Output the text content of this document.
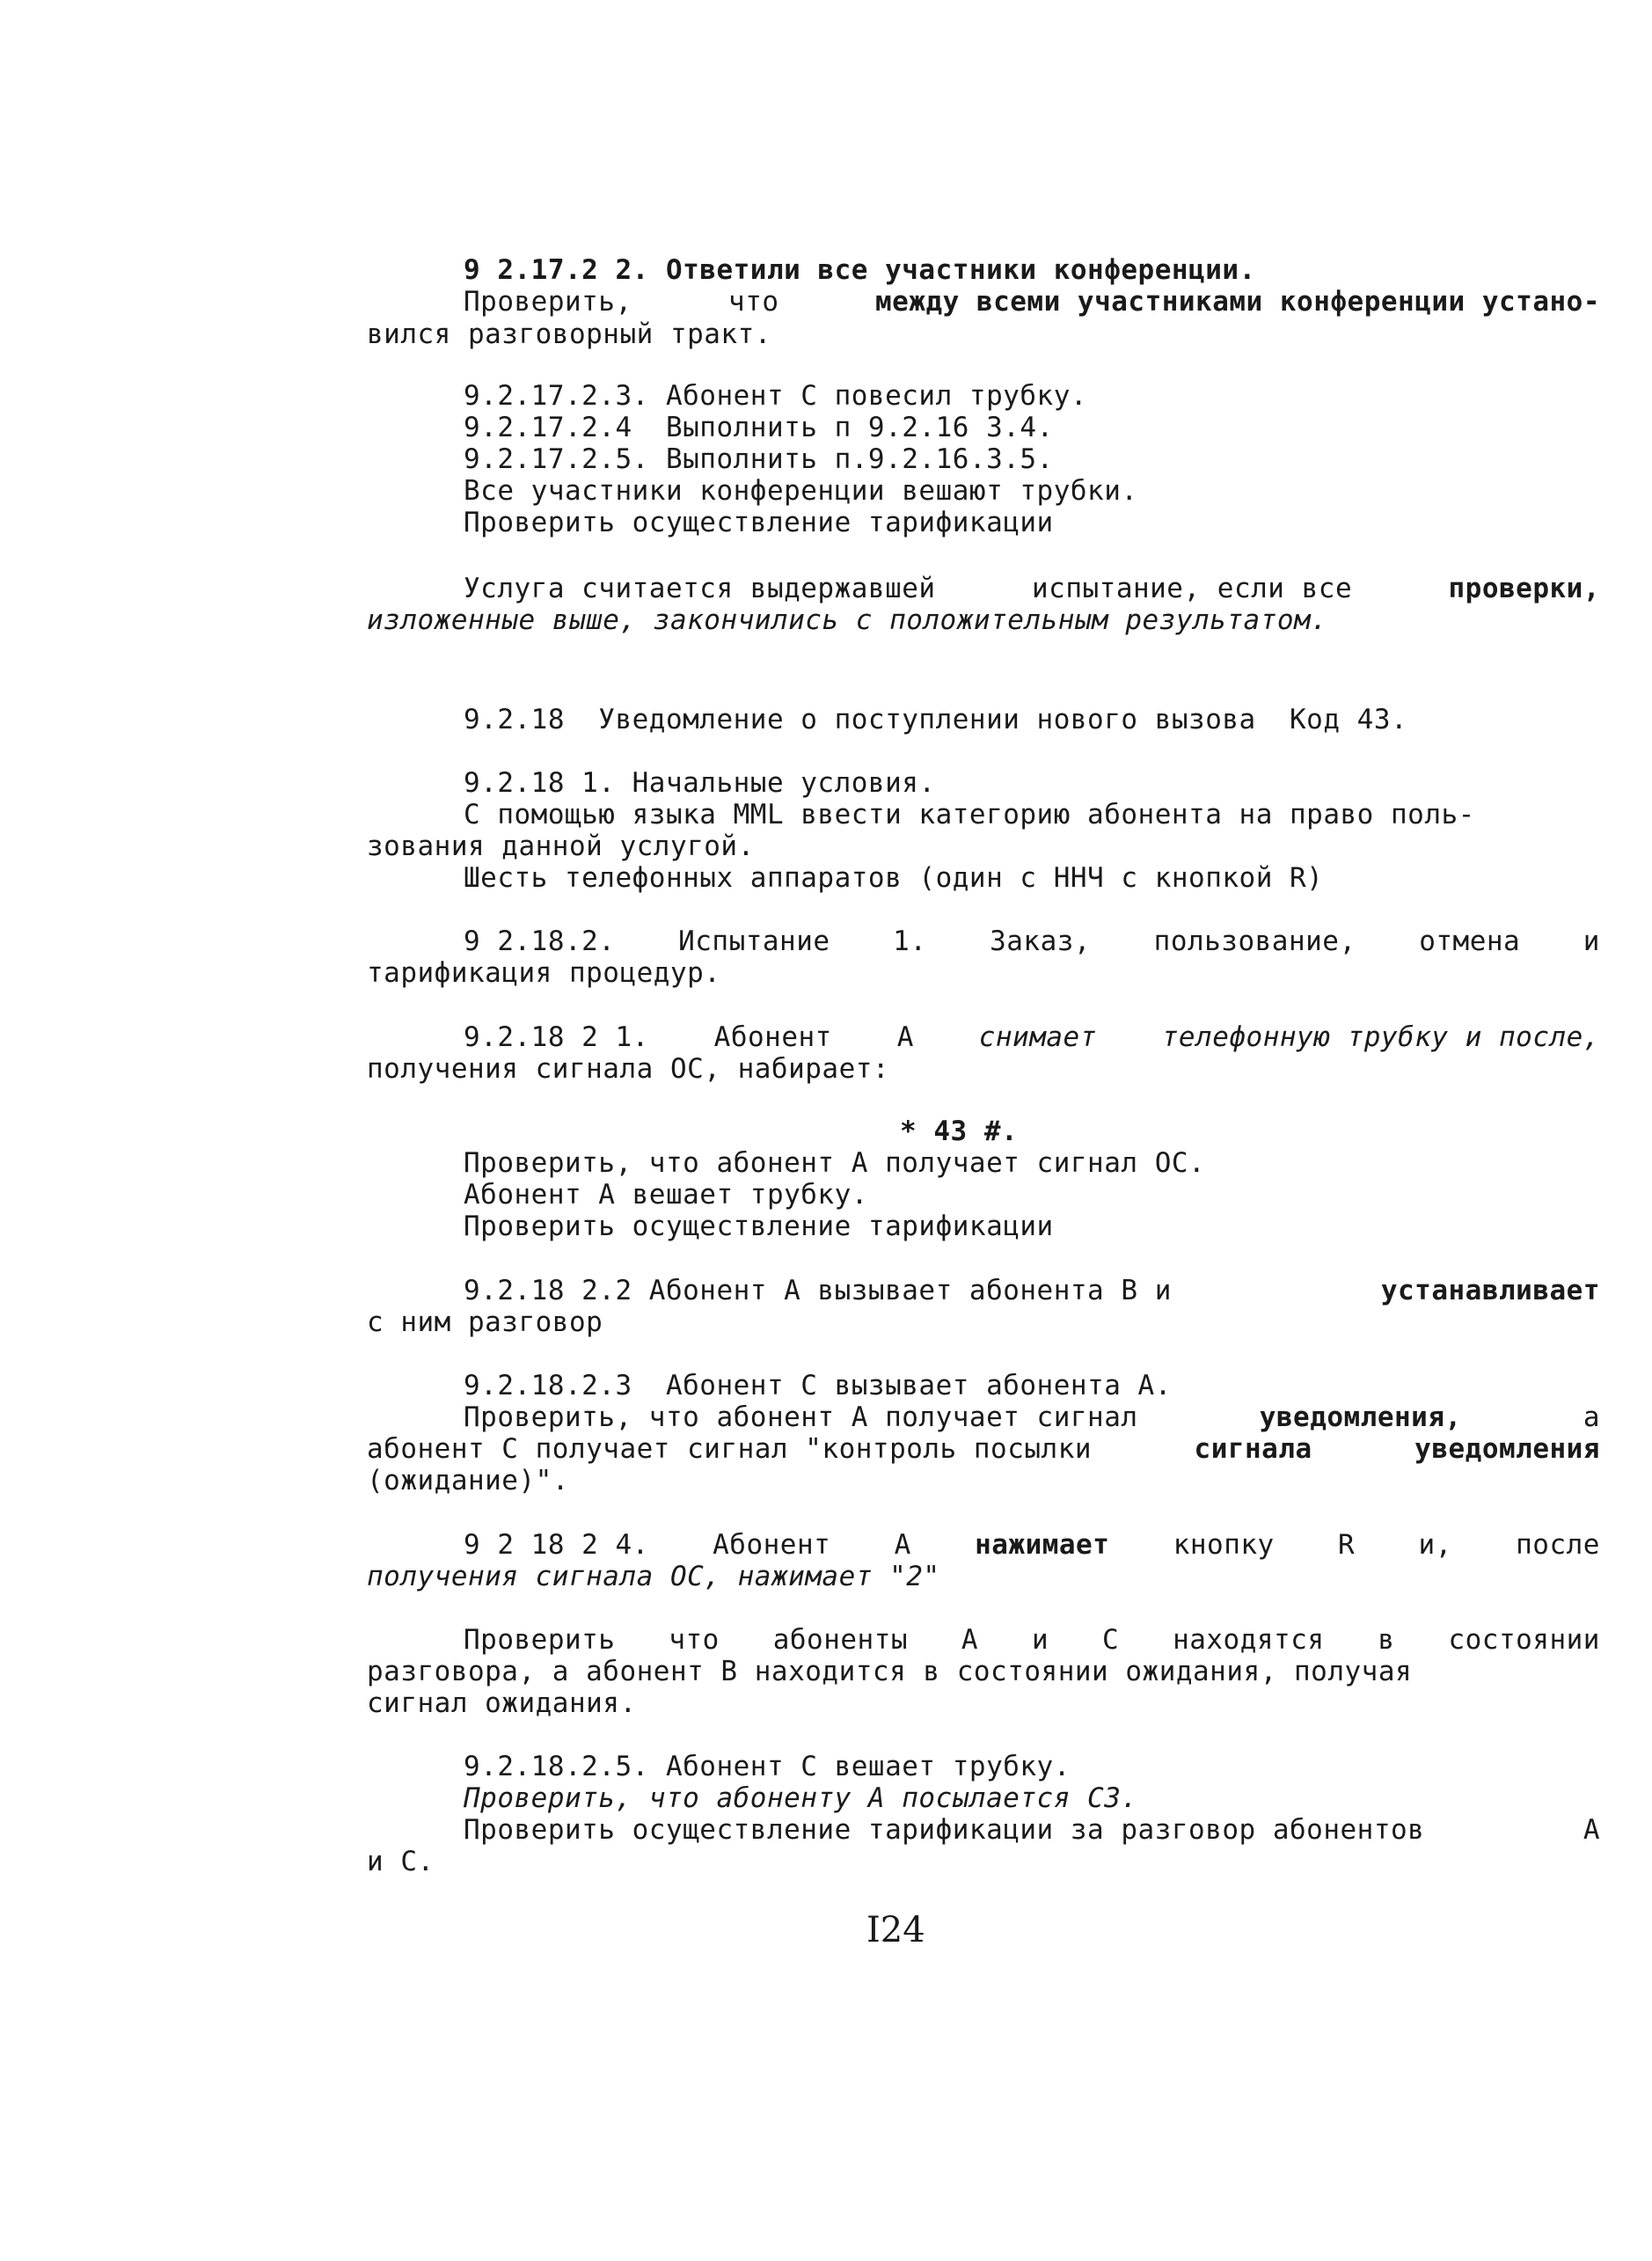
9 2.17.2 2. Ответили все участники конференции.
Проверить,	что	между всеми участниками конференции устано-
вился разговорный тракт.
9.2.17.2.3. Абонент С повесил трубку.
9.2.17.2.4  Выполнить п 9.2.16 3.4.
9.2.17.2.5. Выполнить п.9.2.16.3.5.
Все участники конференции вешают трубки.
Проверить осуществление тарификации
Услуга считается выдержавшей	испытание, если все	проверки,
изложенные выше, закончились с положительным результатом.
9.2.18  Уведомление о поступлении нового вызова  Код 43.
9.2.18 1. Начальные условия.
С помощью языка MML ввести категорию абонента на право поль-
зования данной услугой.
Шесть телефонных аппаратов (один с ННЧ с кнопкой R)
9 2.18.2. Испытание 1. Заказ, пользование, отмена и
тарификация процедур.
9.2.18 2 1. Абонент А снимает телефонную трубку и после,
получения сигнала ОС, набирает:
* 43 #.
Проверить, что абонент А получает сигнал ОС.
Абонент А вешает трубку.
Проверить осуществление тарификации
9.2.18 2.2 Абонент А вызывает абонента В и	устанавливает
с ним разговор
9.2.18.2.3  Абонент С вызывает абонента А.
Проверить, что абонент А получает сигнал	уведомления,	а
абонент С получает сигнал "контроль посылки	сигнала	уведомления
(ожидание)".
9 2 18 2 4. Абонент А нажимает кнопку R и, после
получения сигнала ОС, нажимает "2"
Проверить что абоненты А и С находятся в состоянии
разговора, а абонент В находится в состоянии ожидания, получая
сигнал ожидания.
9.2.18.2.5. Абонент С вешает трубку.
Проверить, что абоненту А посылается С3.
Проверить осуществление тарификации за разговор абонентов	А
и С.
I24
